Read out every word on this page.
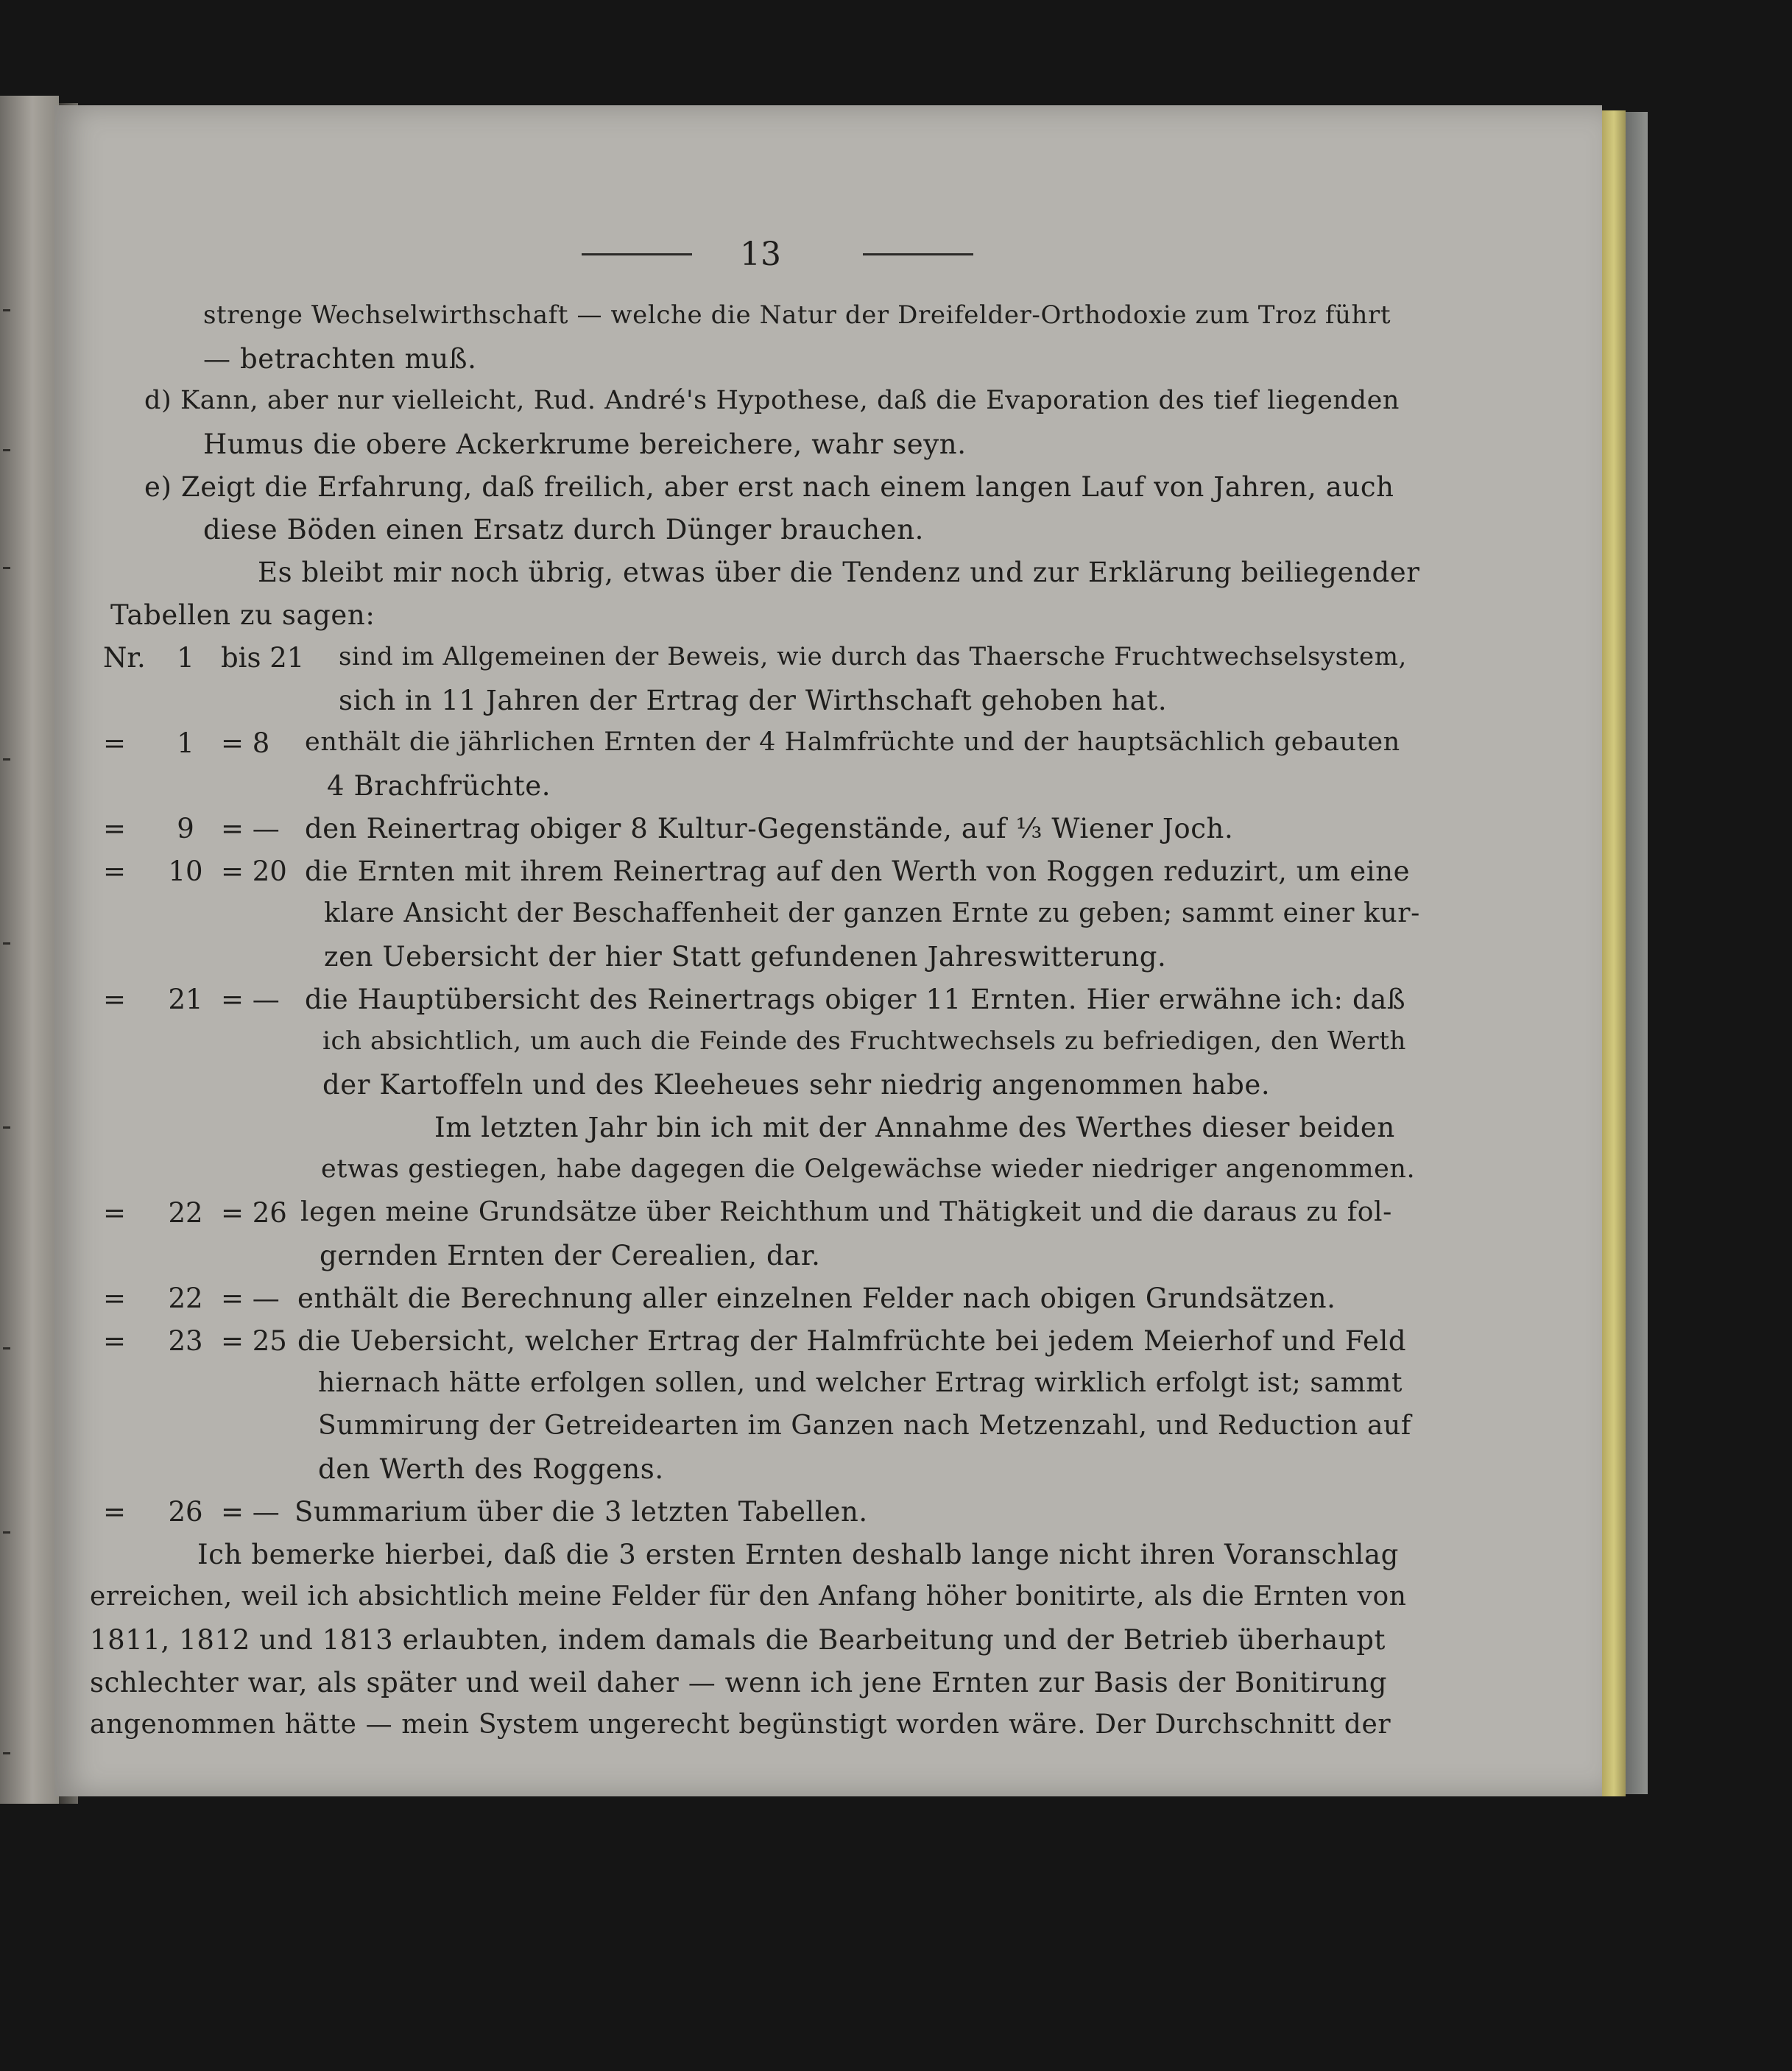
13
strenge Wechselwirthschaft — welche die Natur der Dreifelder-Orthodoxie zum Troz führt
— betrachten muß.
d) Kann, aber nur vielleicht, Rud. André's Hypothese, daß die Evaporation des tief liegenden
Humus die obere Ackerkrume bereichere, wahr seyn.
e) Zeigt die Erfahrung, daß freilich, aber erst nach einem langen Lauf von Jahren, auch
diese Böden einen Ersatz durch Dünger brauchen.
Es bleibt mir noch übrig, etwas über die Tendenz und zur Erklärung beiliegender
Tabellen zu sagen:
Nr.	1 bis 21 sind im Allgemeinen der Beweis, wie durch das Thaersche Fruchtwechselsystem,
sich in 11 Jahren der Ertrag der Wirthschaft gehoben hat.
=	1 = 8 enthält die jährlichen Ernten der 4 Halmfrüchte und der hauptsächlich gebauten
4 Brachfrüchte.
=	9 = — den Reinertrag obiger 8 Kultur-Gegenstände, auf ⅓ Wiener Joch.
= 10 = 20 die Ernten mit ihrem Reinertrag auf den Werth von Roggen reduzirt, um eine
klare Ansicht der Beschaffenheit der ganzen Ernte zu geben; sammt einer kur-
zen Uebersicht der hier Statt gefundenen Jahreswitterung.
= 21 = — die Hauptübersicht des Reinertrags obiger 11 Ernten. Hier erwähne ich: daß
ich absichtlich, um auch die Feinde des Fruchtwechsels zu befriedigen, den Werth
der Kartoffeln und des Kleeheues sehr niedrig angenommen habe.
Im letzten Jahr bin ich mit der Annahme des Werthes dieser beiden
etwas gestiegen, habe dagegen die Oelgewächse wieder niedriger angenommen.
= 22 = 26 legen meine Grundsätze über Reichthum und Thätigkeit und die daraus zu fol-
gernden Ernten der Cerealien, dar.
= 22 = — enthält die Berechnung aller einzelnen Felder nach obigen Grundsätzen.
= 23 = 25 die Uebersicht, welcher Ertrag der Halmfrüchte bei jedem Meierhof und Feld
hiernach hätte erfolgen sollen, und welcher Ertrag wirklich erfolgt ist; sammt
Summirung der Getreidearten im Ganzen nach Metzenzahl, und Reduction auf
den Werth des Roggens.
= 26 = — Summarium über die 3 letzten Tabellen.
Ich bemerke hierbei, daß die 3 ersten Ernten deshalb lange nicht ihren Voranschlag
erreichen, weil ich absichtlich meine Felder für den Anfang höher bonitirte, als die Ernten von
1811, 1812 und 1813 erlaubten, indem damals die Bearbeitung und der Betrieb überhaupt
schlechter war, als später und weil daher — wenn ich jene Ernten zur Basis der Bonitirung
angenommen hätte — mein System ungerecht begünstigt worden wäre. Der Durchschnitt der
